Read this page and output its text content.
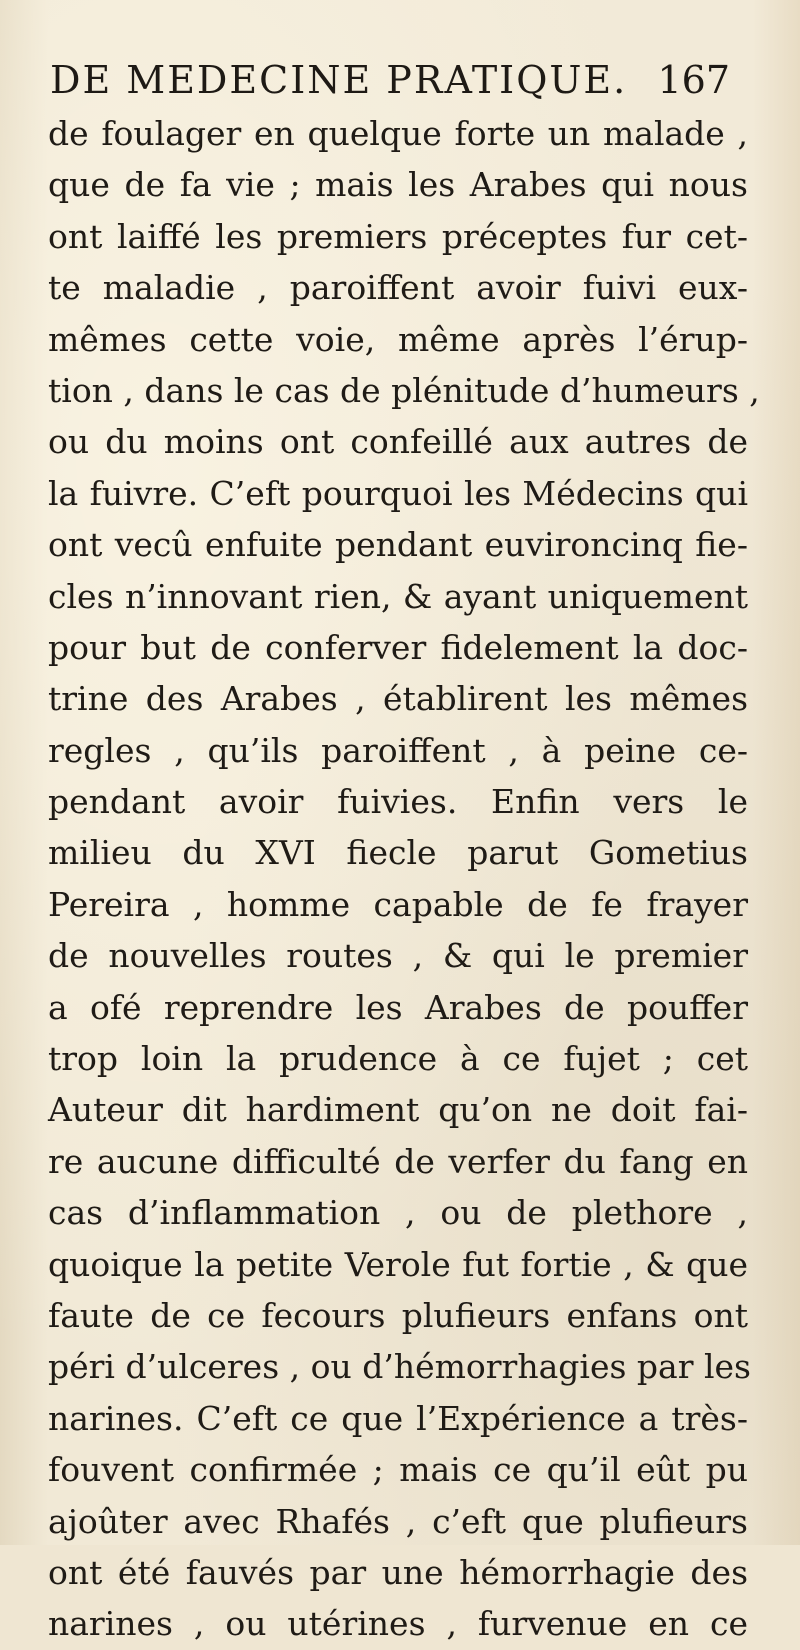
DE MEDECINE PRATIQUE. 167
de foulager en quelque forte un malade ,
que de fa vie ; mais les Arabes qui nous
ont laiffé les premiers préceptes fur cet-
te maladie , paroiffent avoir fuivi eux-
mêmes cette voie, même après l’érup-
tion , dans le cas de plénitude d’humeurs ,
ou du moins ont confeillé aux autres de
la fuivre. C’eft pourquoi les Médecins qui
ont vecû enfuite pendant euvironcinq fie-
cles n’innovant rien, & ayant uniquement
pour but de conferver fidelement la doc-
trine des Arabes , établirent les mêmes
regles , qu’ils paroiffent , à peine ce-
pendant avoir fuivies. Enfin vers le
milieu du XVI fiecle parut Gometius
Pereira , homme capable de fe frayer
de nouvelles routes , & qui le premier
a ofé reprendre les Arabes de pouffer
trop loin la prudence à ce fujet ; cet
Auteur dit hardiment qu’on ne doit fai-
re aucune difficulté de verfer du fang en
cas d’inflammation , ou de plethore ,
quoique la petite Verole fut fortie , & que
faute de ce fecours plufieurs enfans ont
péri d’ulceres , ou d’hémorrhagies par les
narines. C’eft ce que l’Expérience a très-
fouvent confirmée ; mais ce qu’il eût pu
ajoûter avec Rhafés , c’eft que plufieurs
ont été fauvés par une hémorrhagie des
narines , ou utérines , furvenue en ce
